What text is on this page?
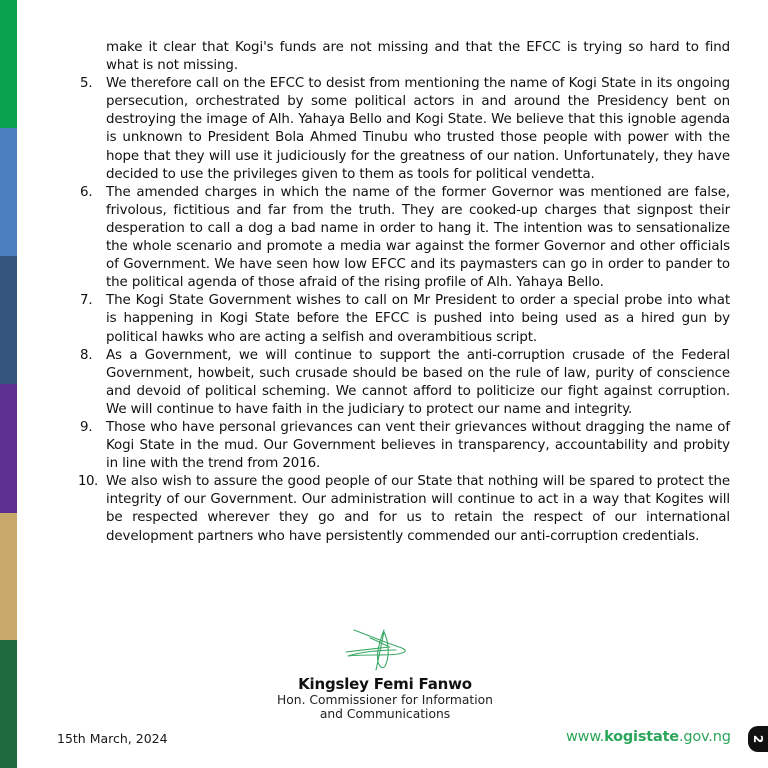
make it clear that Kogi's funds are not missing and that the EFCC is trying so hard to find what is not missing.

5. We therefore call on the EFCC to desist from mentioning the name of Kogi State in its ongoing persecution, orchestrated by some political actors in and around the Presidency bent on destroying the image of Alh. Yahaya Bello and Kogi State. We believe that this ignoble agenda is unknown to President Bola Ahmed Tinubu who trusted those people with power with the hope that they will use it judiciously for the greatness of our nation. Unfortunately, they have decided to use the privileges given to them as tools for political vendetta.
6. The amended charges in which the name of the former Governor was mentioned are false, frivolous, fictitious and far from the truth. They are cooked-up charges that signpost their desperation to call a dog a bad name in order to hang it. The intention was to sensationalize the whole scenario and promote a media war against the former Governor and other officials of Government. We have seen how low EFCC and its paymasters can go in order to pander to the political agenda of those afraid of the rising profile of Alh. Yahaya Bello.
7. The Kogi State Government wishes to call on Mr President to order a special probe into what is happening in Kogi State before the EFCC is pushed into being used as a hired gun by political hawks who are acting a selfish and overambitious script.
8. As a Government, we will continue to support the anti-corruption crusade of the Federal Government, howbeit, such crusade should be based on the rule of law, purity of conscience and devoid of political scheming. We cannot afford to politicize our fight against corruption. We will continue to have faith in the judiciary to protect our name and integrity.
9. Those who have personal grievances can vent their grievances without dragging the name of Kogi State in the mud. Our Government believes in transparency, accountability and probity in line with the trend from 2016.
10. We also wish to assure the good people of our State that nothing will be spared to protect the integrity of our Government. Our administration will continue to act in a way that Kogites will be respected wherever they go and for us to retain the respect of our international development partners who have persistently commended our anti-corruption credentials.
Kingsley Femi Fanwo
Hon. Commissioner for Information
and Communications
15th March, 2024	www.kogistate.gov.ng 2
